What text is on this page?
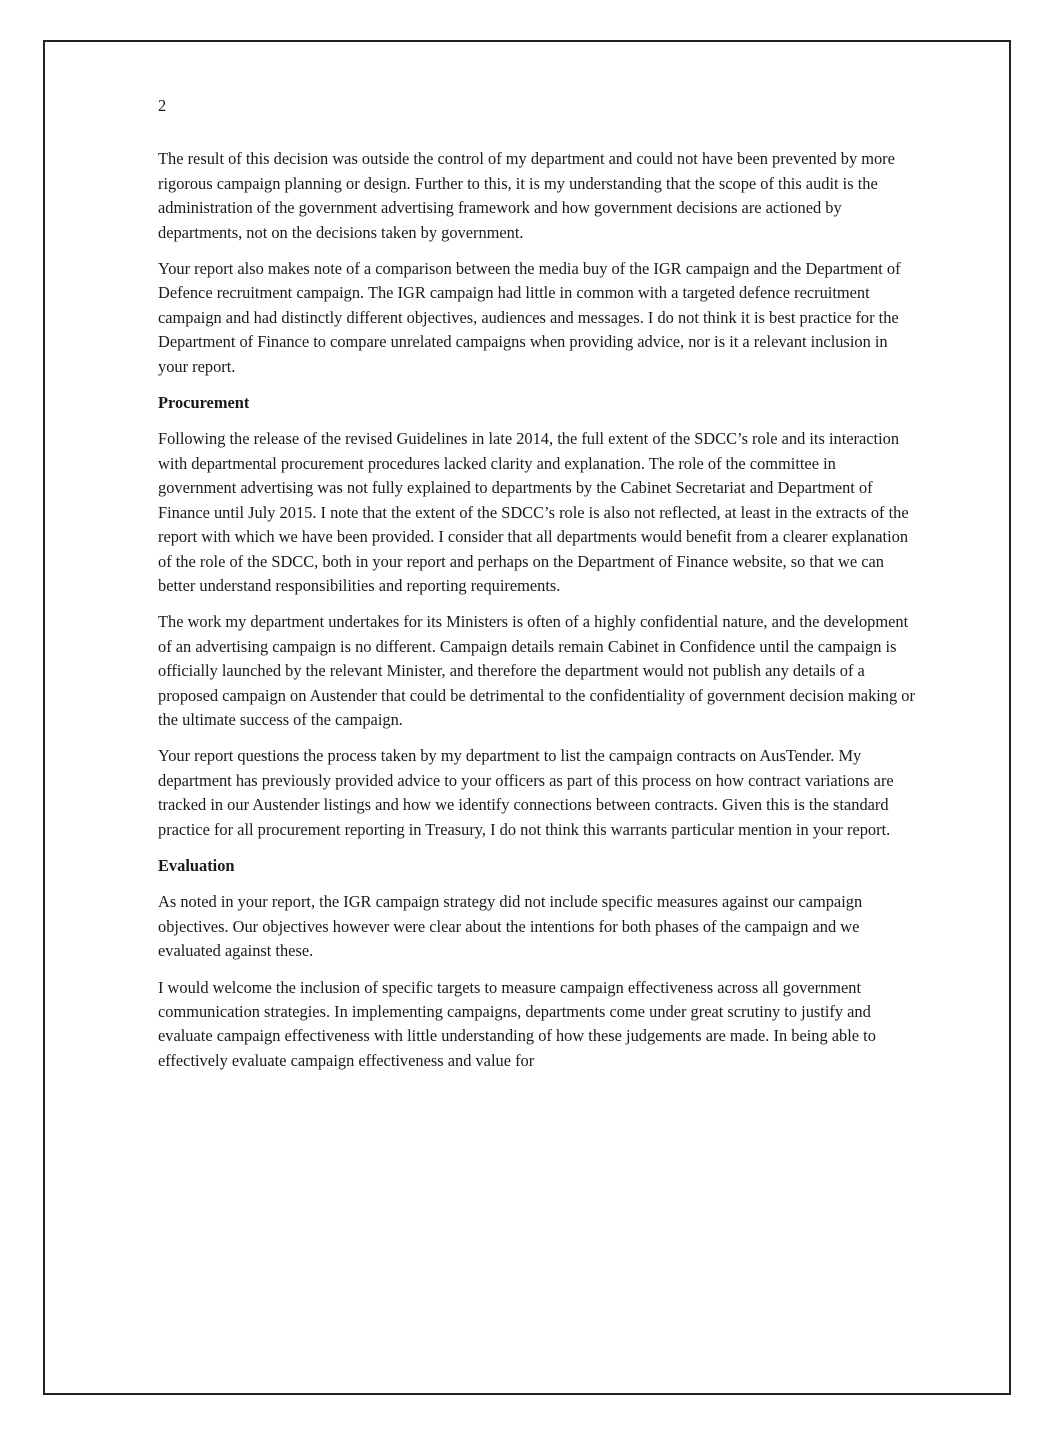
2

The result of this decision was outside the control of my department and could not have been prevented by more rigorous campaign planning or design. Further to this, it is my understanding that the scope of this audit is the administration of the government advertising framework and how government decisions are actioned by departments, not on the decisions taken by government.

Your report also makes note of a comparison between the media buy of the IGR campaign and the Department of Defence recruitment campaign. The IGR campaign had little in common with a targeted defence recruitment campaign and had distinctly different objectives, audiences and messages. I do not think it is best practice for the Department of Finance to compare unrelated campaigns when providing advice, nor is it a relevant inclusion in your report.

Procurement

Following the release of the revised Guidelines in late 2014, the full extent of the SDCC’s role and its interaction with departmental procurement procedures lacked clarity and explanation. The role of the committee in government advertising was not fully explained to departments by the Cabinet Secretariat and Department of Finance until July 2015. I note that the extent of the SDCC’s role is also not reflected, at least in the extracts of the report with which we have been provided. I consider that all departments would benefit from a clearer explanation of the role of the SDCC, both in your report and perhaps on the Department of Finance website, so that we can better understand responsibilities and reporting requirements.

The work my department undertakes for its Ministers is often of a highly confidential nature, and the development of an advertising campaign is no different. Campaign details remain Cabinet in Confidence until the campaign is officially launched by the relevant Minister, and therefore the department would not publish any details of a proposed campaign on Austender that could be detrimental to the confidentiality of government decision making or the ultimate success of the campaign.

Your report questions the process taken by my department to list the campaign contracts on AusTender. My department has previously provided advice to your officers as part of this process on how contract variations are tracked in our Austender listings and how we identify connections between contracts. Given this is the standard practice for all procurement reporting in Treasury, I do not think this warrants particular mention in your report.

Evaluation

As noted in your report, the IGR campaign strategy did not include specific measures against our campaign objectives. Our objectives however were clear about the intentions for both phases of the campaign and we evaluated against these.

I would welcome the inclusion of specific targets to measure campaign effectiveness across all government communication strategies. In implementing campaigns, departments come under great scrutiny to justify and evaluate campaign effectiveness with little understanding of how these judgements are made. In being able to effectively evaluate campaign effectiveness and value for
